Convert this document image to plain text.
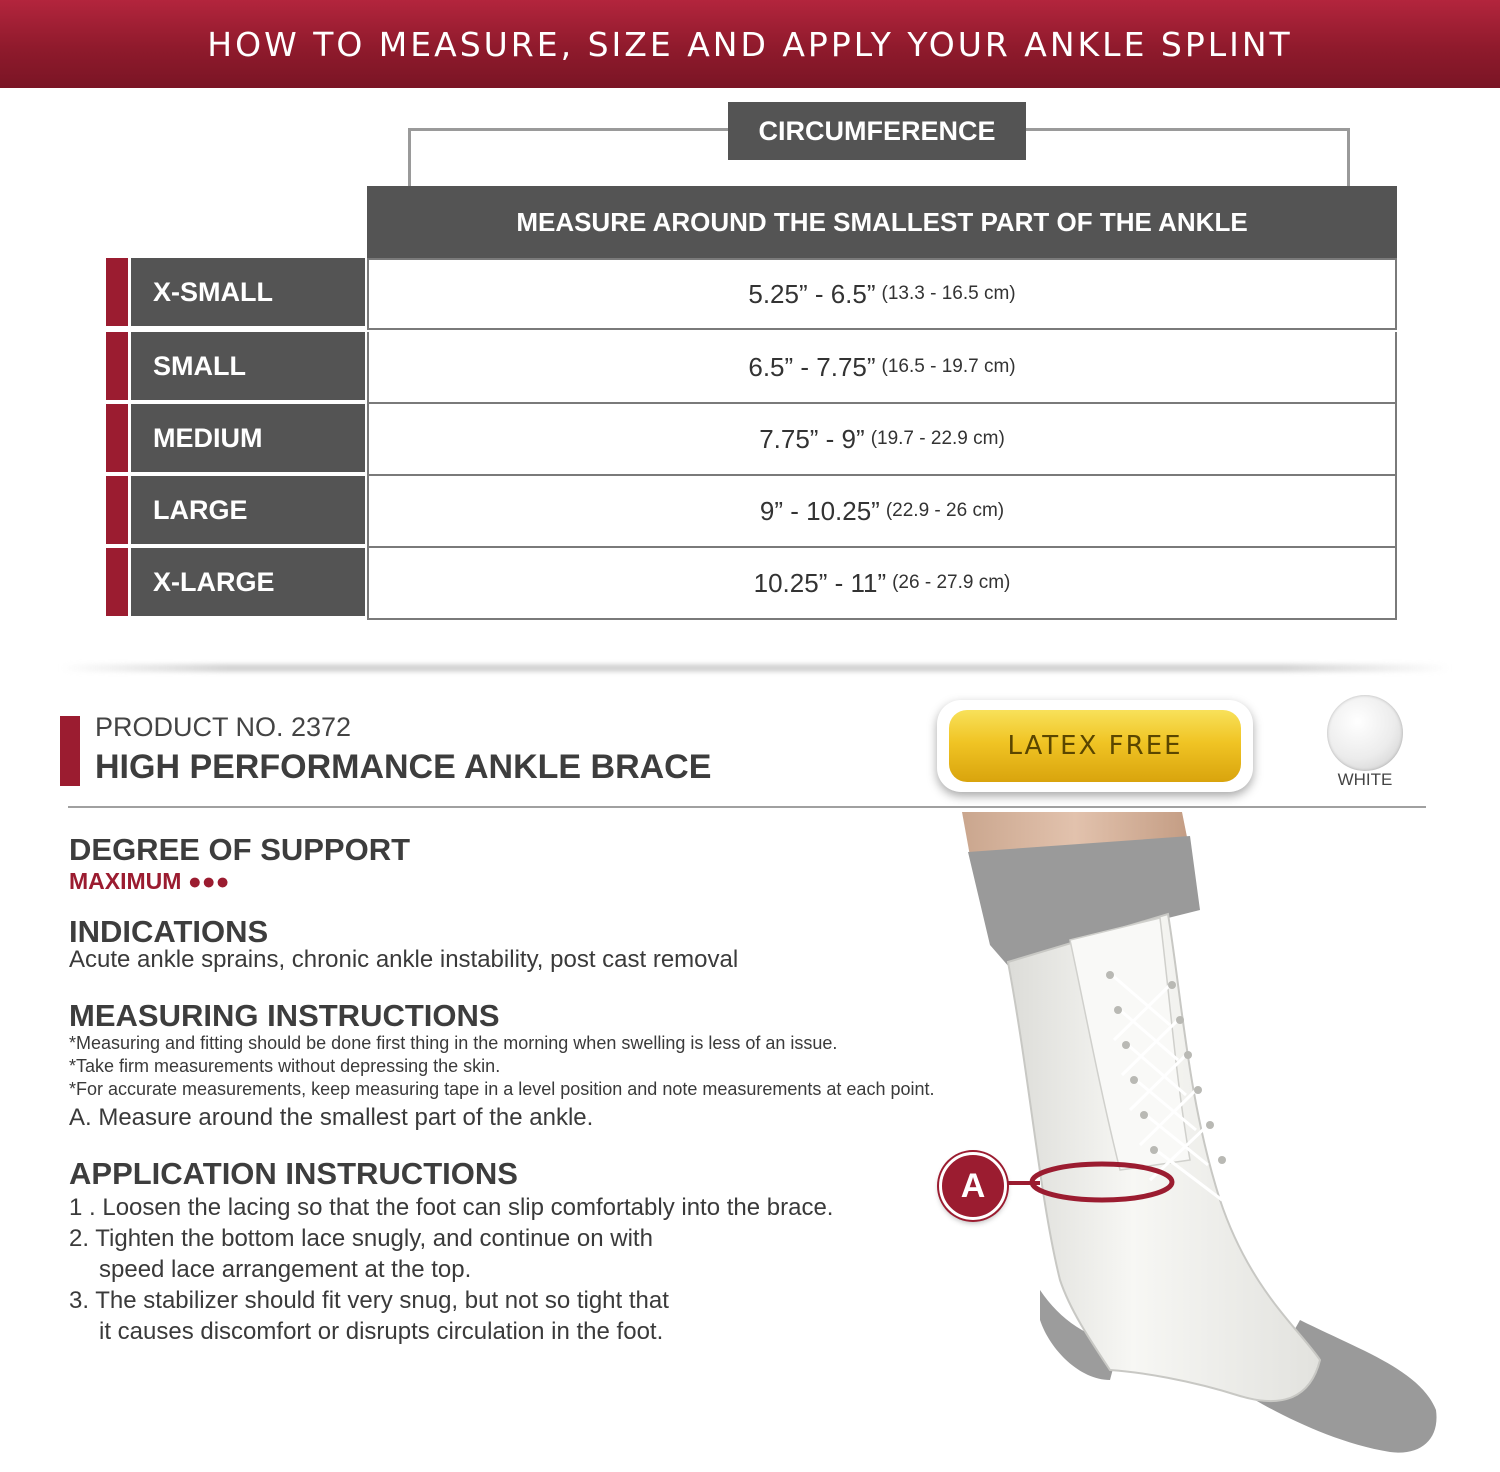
HOW TO MEASURE, SIZE AND APPLY YOUR ANKLE SPLINT
CIRCUMFERENCE
MEASURE AROUND THE SMALLEST PART OF THE ANKLE
X-SMALL	5.25” - 6.5” (13.3 - 16.5 cm)
SMALL	6.5” - 7.75” (16.5 - 19.7 cm)
MEDIUM	7.75” - 9” (19.7 - 22.9 cm)
LARGE	9” - 10.25” (22.9 - 26 cm)
X-LARGE	10.25” - 11” (26 - 27.9 cm)
PRODUCT NO. 2372
HIGH PERFORMANCE ANKLE BRACE
LATEX FREE
WHITE
DEGREE OF SUPPORT
MAXIMUM ●●●
INDICATIONS
Acute ankle sprains, chronic ankle instability, post cast removal
MEASURING INSTRUCTIONS
*Measuring and fitting should be done first thing in the morning when swelling is less of an issue.
*Take firm measurements without depressing the skin.
*For accurate measurements, keep measuring tape in a level position and note measurements at each point.
A. Measure around the smallest part of the ankle.
APPLICATION INSTRUCTIONS
1 . Loosen the lacing so that the foot can slip comfortably into the brace.
2. Tighten the bottom lace snugly, and continue on with
speed lace arrangement at the top.
3. The stabilizer should fit very snug, but not so tight that
it causes discomfort or disrupts circulation in the foot.
A
